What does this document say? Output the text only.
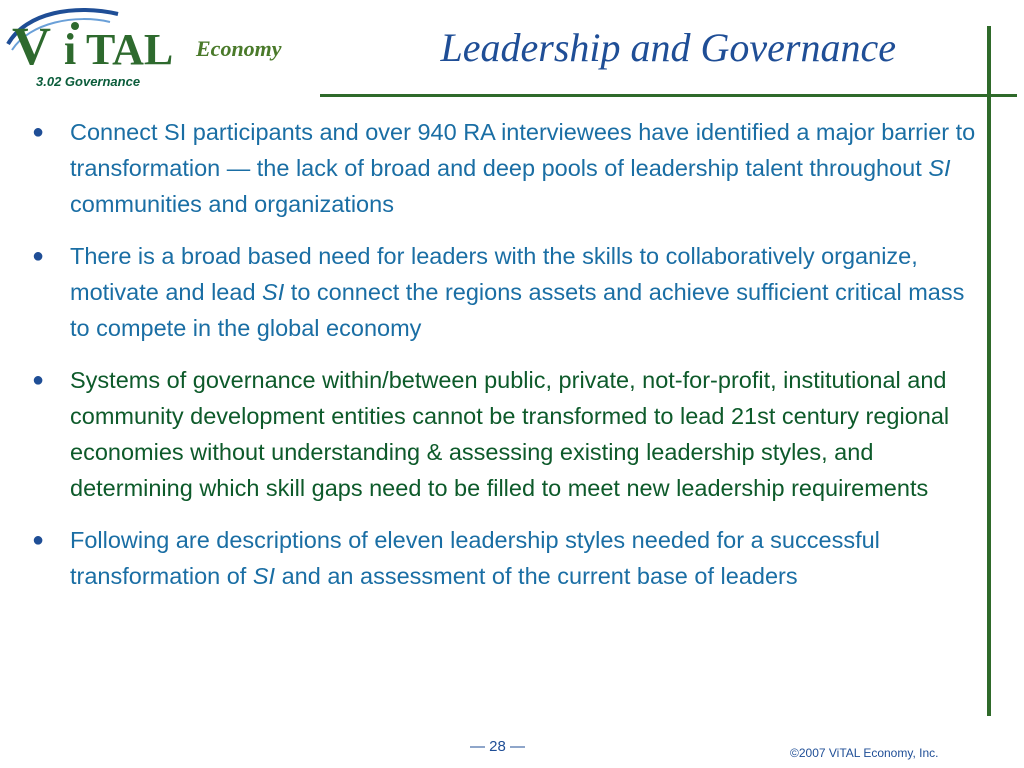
V i TAL Economy
3.02 Governance
Leadership and Governance
● Connect SI participants and over 940 RA interviewees have identified a major barrier to transformation — the lack of broad and deep pools of leadership talent throughout SI communities and organizations
● There is a broad based need for leaders with the skills to collaboratively organize, motivate and lead SI to connect the regions assets and achieve sufficient critical mass to compete in the global economy
● Systems of governance within/between public, private, not-for-profit, institutional and community development entities cannot be transformed to lead 21st century regional economies without understanding & assessing existing leadership styles, and determining which skill gaps need to be filled to meet new leadership requirements
● Following are descriptions of eleven leadership styles needed for a successful transformation of SI and an assessment of the current base of leaders
— 28 —	©2007 ViTAL Economy, Inc.
